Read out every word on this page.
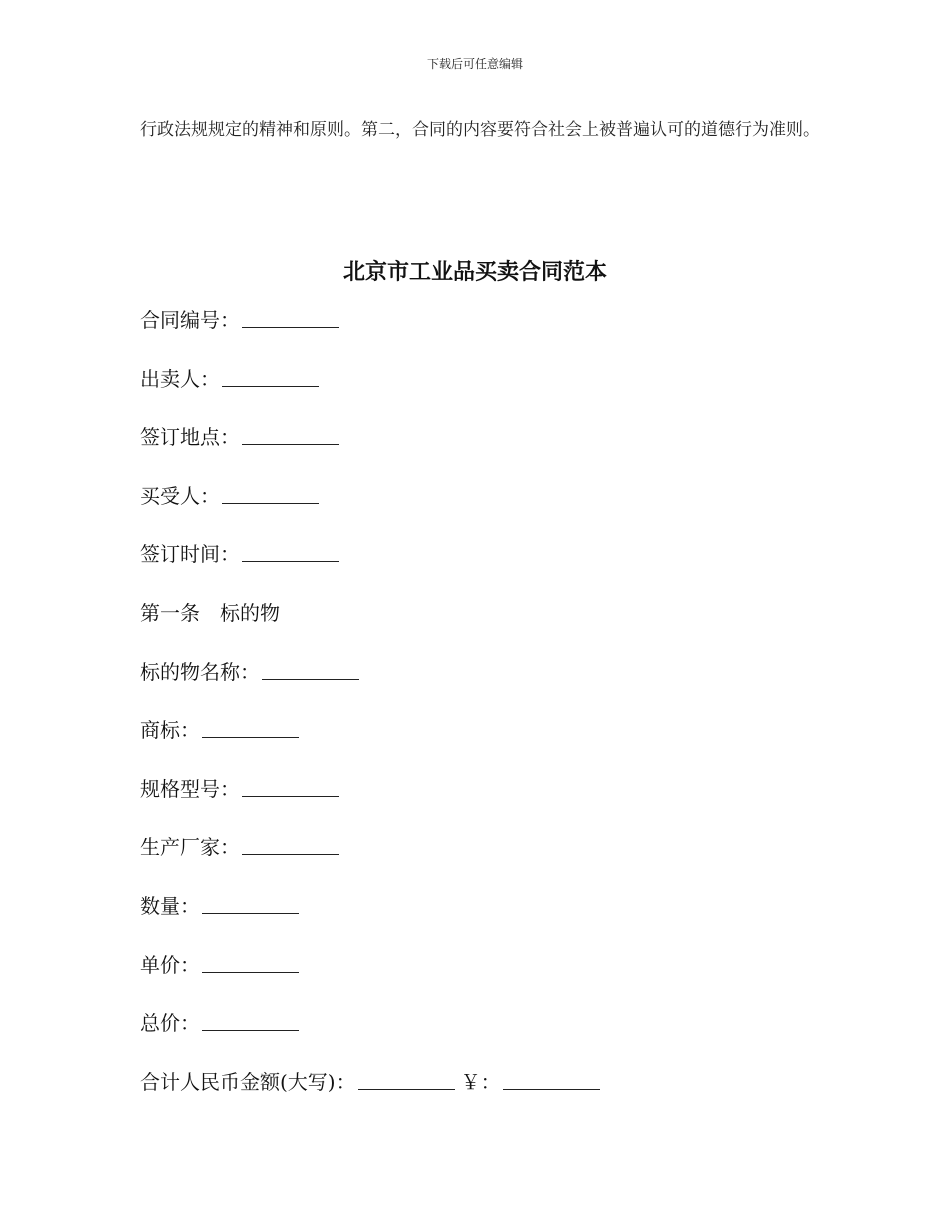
下载后可任意编辑
行政法规规定的精神和原则。第二，合同的内容要符合社会上被普遍认可的道德行为准则。
北京市工业品买卖合同范本
合同编号：
出卖人：
签订地点：
买受人：
签订时间：
第一条 标的物
标的物名称：
商标：
规格型号：
生产厂家：
数量：
单价：
总价：
合计人民币金额(大写)：	￥：
